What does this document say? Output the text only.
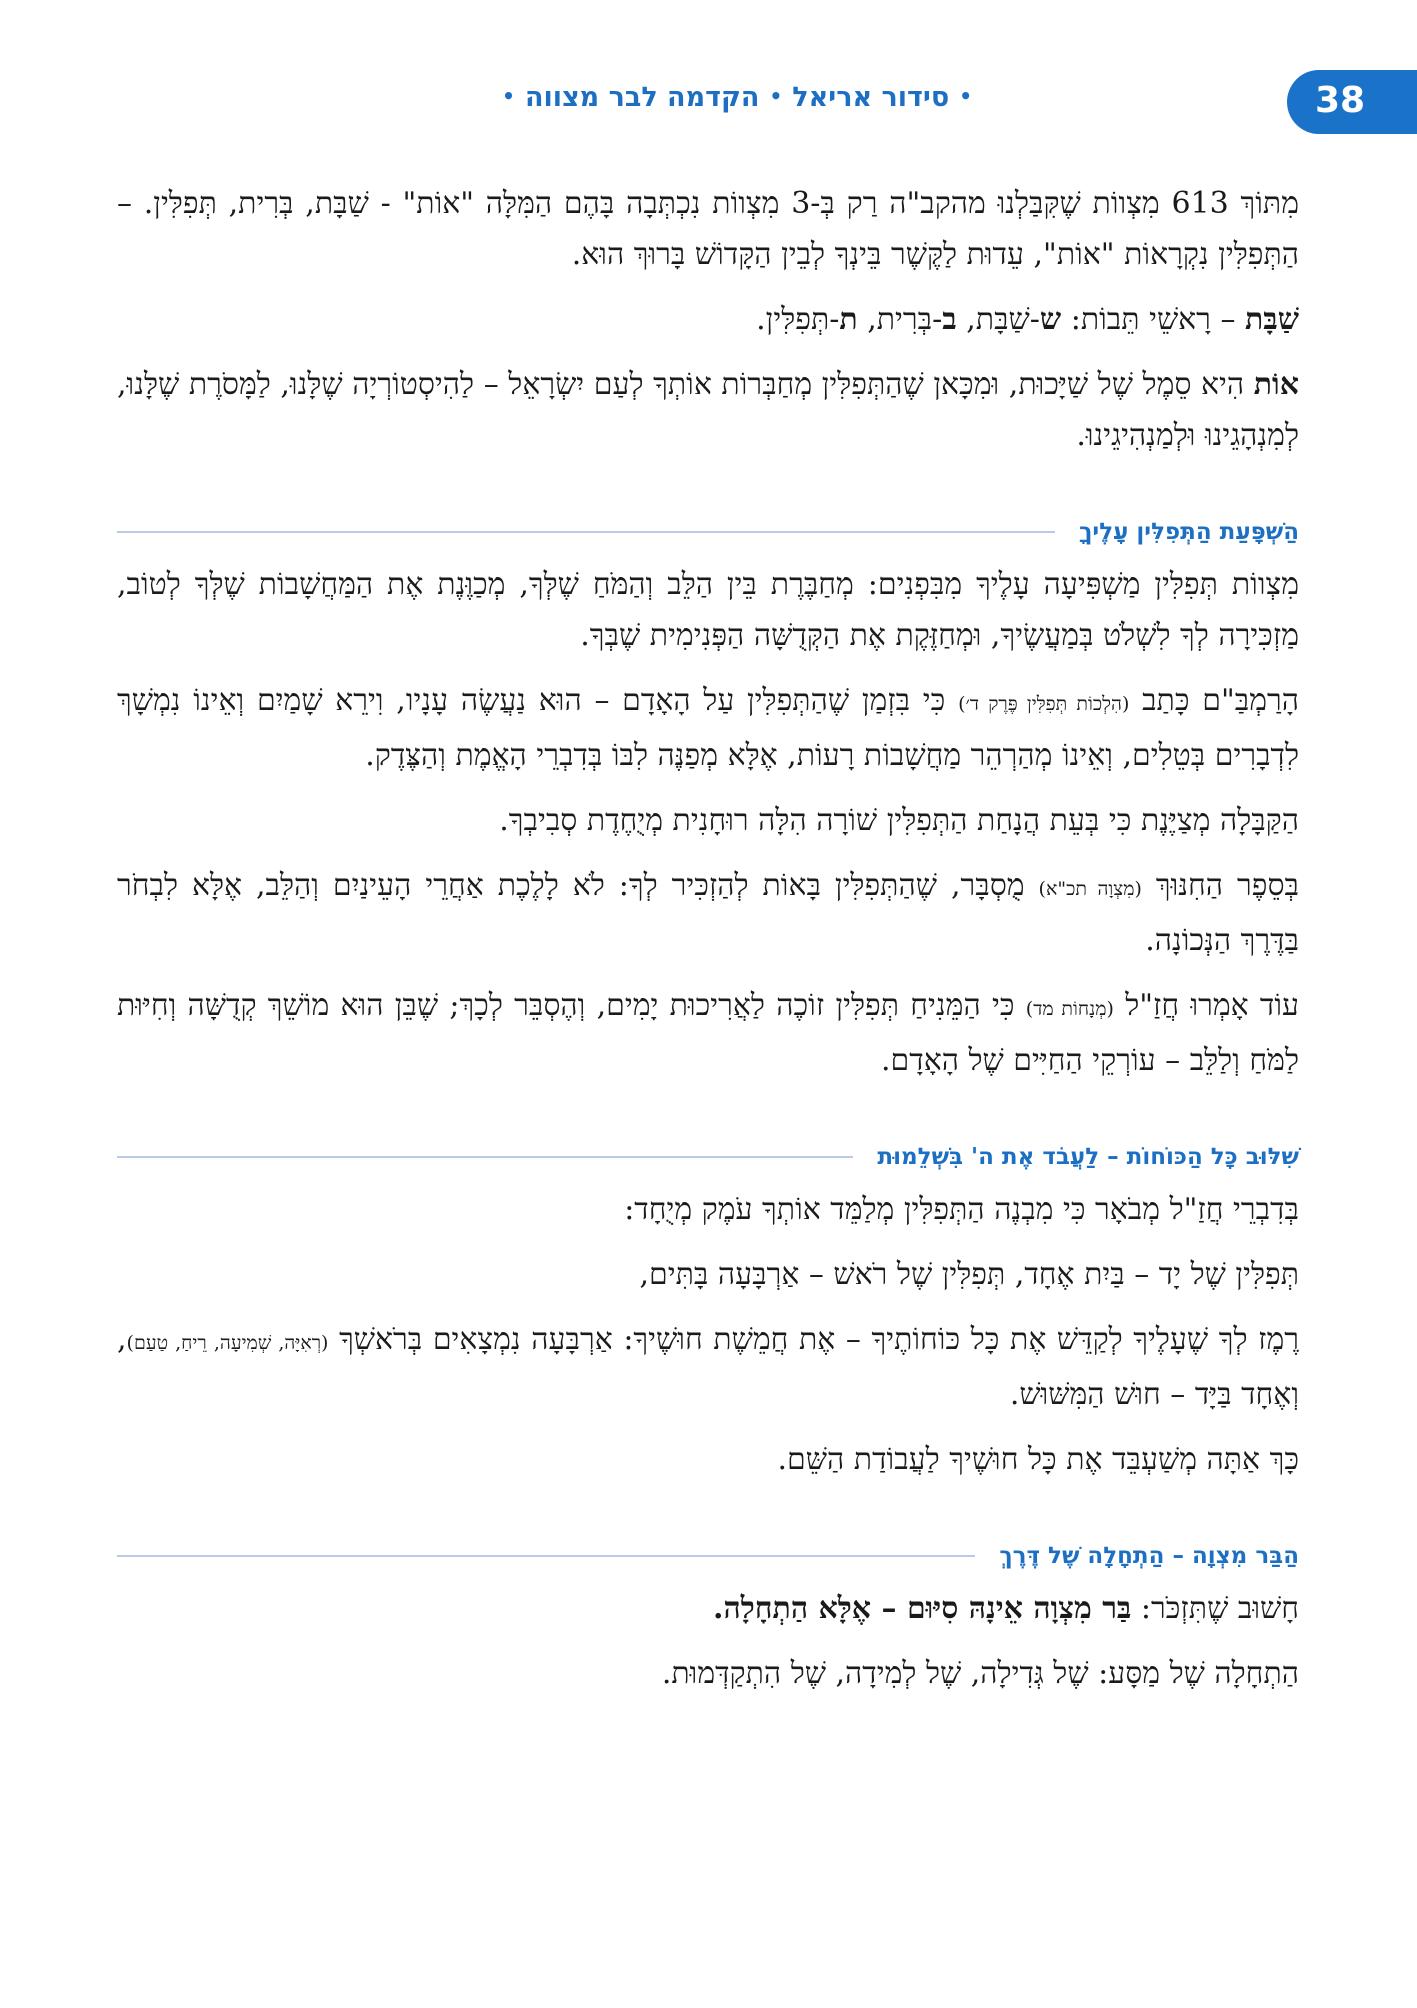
•סידור אריאל•הקדמה לבר מצווה•	38

מִתּוֹךְ 613 מִצְווֹת שֶׁקִּבַּלְנוּ מהקב"ה רַק בְּ-3 מִצְווֹת נִכְתְּבָה בָּהֶם הַמִּלָּה "אוֹת" - שַׁבָּת, בְּרִית, תְּפִלִּין. – הַתְּפִלִּין נִקְרָאוֹת "אוֹת", עֵדוּת לַקֶּשֶׁר בֵּינְךָ לְבֵין הַקָּדוֹשׁ בָּרוּךְ הוּא.

שַׁבָּת – רָאשֵׁי תֵּבוֹת: ש-שַׁבָּת, ב-בְּרִית, ת-תְּפִלִּין.

אוֹת הִיא סֵמֶל שֶׁל שַׁיָּכוּת, וּמִכָּאן שֶׁהַתְּפִלִּין מְחַבְּרוֹת אוֹתְךָ לְעַם יִשְׂרָאֵל – לַהִיסְטוֹרְיָה שֶׁלָּנוּ, לַמָּסֹרֶת שֶׁלָּנוּ, לְמִנְהָגֵינוּ וּלְמַנְהִיגֵינוּ.

הַשְׁפָּעַת הַתְּפִלִּין עָלֶיךָ

מִצְווֹת תְּפִלִּין מַשְׁפִּיעָה עָלֶיךָ מִבִּפְנִים: מְחַבֶּרֶת בֵּין הַלֵּב וְהַמֹּחַ שֶׁלְּךָ, מְכַוֶּנֶת אֶת הַמַּחֲשָׁבוֹת שֶׁלְּךָ לְטוֹב, מַזְכִּירָה לְךָ לִשְׁלֹט בְּמַעֲשֶׂיךָ, וּמְחַזֶּקֶת אֶת הַקְּדֻשָּׁה הַפְּנִימִית שֶׁבְּךָ.

הָרַמְבַּ"ם כָּתַב (הִלְכוֹת תְּפִלִּין פֶּרֶק ד׳) כִּי בִּזְמַן שֶׁהַתְּפִלִּין עַל הָאָדָם – הוּא נַעֲשֶׂה עָנָיו, וִירֵא שָׁמַיִם וְאֵינוֹ נִמְשָׁךְ לִדְבָרִים בְּטֵלִים, וְאֵינוֹ מְהַרְהֵר מַחֲשָׁבוֹת רָעוֹת, אֶלָּא מְפַנֶּה לִבּוֹ בְּדִבְרֵי הָאֱמֶת וְהַצֶּדֶק.

הַקַּבָּלָה מְצַיֶּנֶת כִּי בְּעֵת הֲנָחַת הַתְּפִלִּין שׁוֹרָה הִלָּה רוּחָנִית מְיֻחֶדֶת סְבִיבְךָ.

בְּסֵפֶר הַחִנּוּךְ (מִצְוָה תכ"א) מֻסְבָּר, שֶׁהַתְּפִלִּין בָּאוֹת לְהַזְכִּיר לְךָ: לֹא לָלֶכֶת אַחֲרֵי הָעֵינַיִם וְהַלֵּב, אֶלָּא לִבְחֹר בַּדֶּרֶךְ הַנְּכוֹנָה.

עוֹד אָמְרוּ חֲזַ"ל (מְנָחוֹת מד) כִּי הַמֵּנִיחַ תְּפִלִּין זוֹכֶה לַאֲרִיכוּת יָמִים, וְהֶסְבֵּר לְכָךְ; שֶׁבֵּן הוּא מוֹשֵׁךְ קְדֻשָּׁה וְחִיּוּת לַמֹּחַ וְלַלֵּב – עוֹרְקֵי הַחַיִּים שֶׁל הָאָדָם.

שִׁלּוּב כָּל הַכּוֹחוֹת – לַעֲבֹד אֶת ה' בִּשְׁלֵמוּת

בְּדִבְרֵי חֲזַ"ל מְבֹאָר כִּי מִבְנֶה הַתְּפִלִּין מְלַמֵּד אוֹתְךָ עֹמֶק מְיֻחָד:

תְּפִלִּין שֶׁל יָד – בַּיִת אֶחָד, תְּפִלִּין שֶׁל רֹאשׁ – אַרְבָּעָה בָּתִּים,

רֶמֶז לְךָ שֶׁעָלֶיךָ לְקַדֵּשׁ אֶת כָּל כּוֹחוֹתֶיךָ – אֶת חֲמֵשֶׁת חוּשֶׁיךָ: אַרְבָּעָה נִמְצָאִים בְּרֹאשְׁךָ (רְאִיָּה, שְׁמִיעָה, רֵיחַ, טַעַם), וְאֶחָד בַּיָּד – חוּשׁ הַמִּשּׁוּשׁ.

כָּךְ אַתָּה מְשַׁעְבֵּד אֶת כָּל חוּשֶׁיךָ לַעֲבוֹדַת הַשֵּׁם.

הַבַּר מִצְוָה – הַתְחָלָה שֶׁל דֶּרֶךְ

חָשׁוּב שֶׁתִּזְכֹּר: בַּר מִצְוָה אֵינָהּ סִיּוּם – אֶלָּא הַתְחָלָה.

הַתְחָלָה שֶׁל מַסָּע: שֶׁל גְּדִילָה, שֶׁל לְמִידָה, שֶׁל הִתְקַדְּמוּת.
